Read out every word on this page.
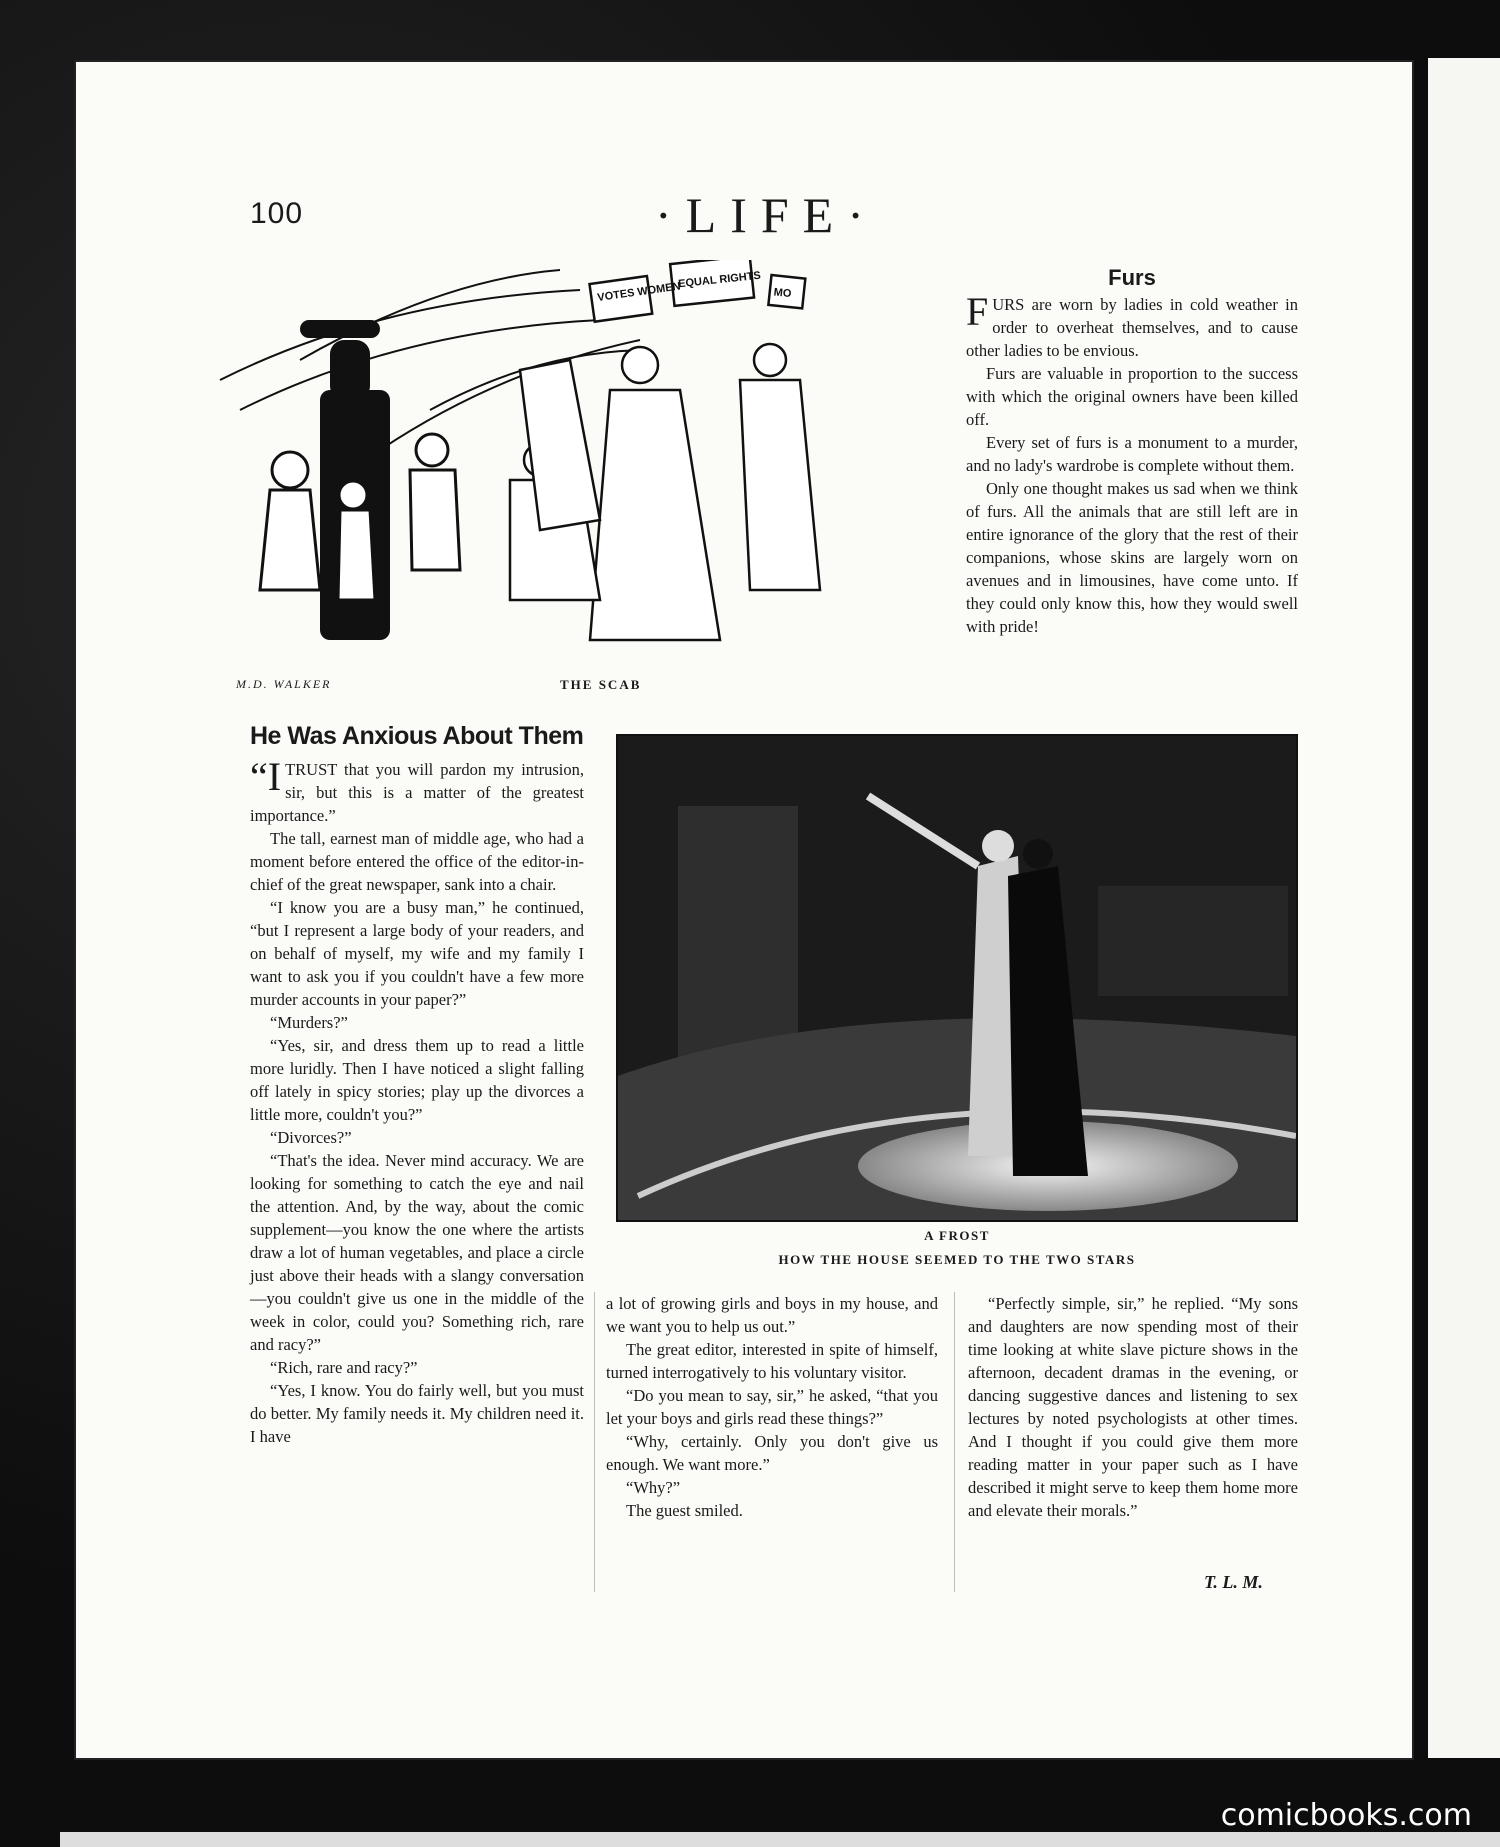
100	·LIFE·
VOTES WOMEN
EQUAL RIGHTS
MO
M.D. WALKER	THE SCAB
Furs

FURS are worn by ladies in cold weather in order to overheat themselves, and to cause other ladies to be envious.

Furs are valuable in proportion to the success with which the original owners have been killed off.

Every set of furs is a monument to a murder, and no lady's wardrobe is complete without them.

Only one thought makes us sad when we think of furs. All the animals that are still left are in entire ignorance of the glory that the rest of their companions, whose skins are largely worn on avenues and in limousines, have come unto. If they could only know this, how they would swell with pride!

He Was Anxious About Them

“ITRUST that you will pardon my intrusion, sir, but this is a matter of the greatest importance.”

The tall, earnest man of middle age, who had a moment before entered the office of the editor-in-chief of the great newspaper, sank into a chair.

“I know you are a busy man,” he continued, “but I represent a large body of your readers, and on behalf of myself, my wife and my family I want to ask you if you couldn't have a few more murder accounts in your paper?”

“Murders?”

“Yes, sir, and dress them up to read a little more luridly. Then I have noticed a slight falling off lately in spicy stories; play up the divorces a little more, couldn't you?”

“Divorces?”

“That's the idea. Never mind accuracy. We are looking for something to catch the eye and nail the attention. And, by the way, about the comic supplement—you know the one where the artists draw a lot of human vegetables, and place a circle just above their heads with a slangy conversation—you couldn't give us one in the middle of the week in color, could you? Something rich, rare and racy?”

“Rich, rare and racy?”

“Yes, I know. You do fairly well, but you must do better. My family needs it. My children need it. I have

A FROST
HOW THE HOUSE SEEMED TO THE TWO STARS

a lot of growing girls and boys in my house, and we want you to help us out.”

The great editor, interested in spite of himself, turned interrogatively to his voluntary visitor.

“Do you mean to say, sir,” he asked, “that you let your boys and girls read these things?”

“Why, certainly. Only you don't give us enough. We want more.”

“Why?”

The guest smiled.

“Perfectly simple, sir,” he replied. “My sons and daughters are now spending most of their time looking at white slave picture shows in the afternoon, decadent dramas in the evening, or dancing suggestive dances and listening to sex lectures by noted psychologists at other times. And I thought if you could give them more reading matter in your paper such as I have described it might serve to keep them home more and elevate their morals.”

T. L. M.
comicbooks.com
